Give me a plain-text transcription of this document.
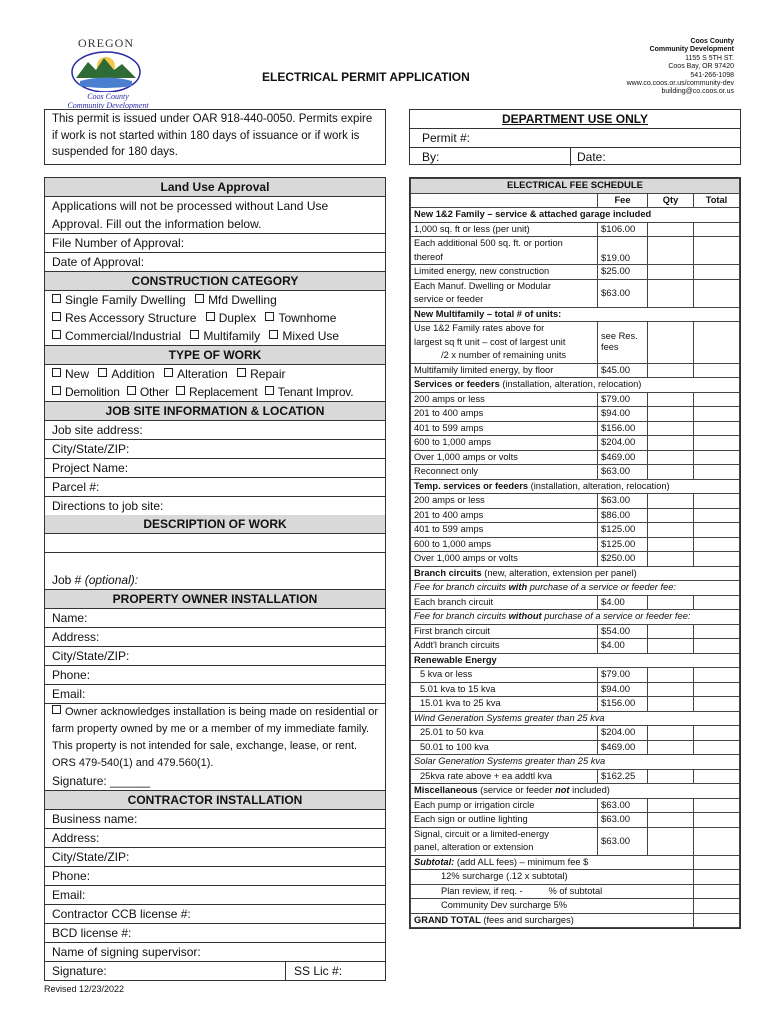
OREGON
Coos County
Community Development
ELECTRICAL PERMIT APPLICATION
Coos County
Community Development
1155 S 5TH ST.
Coos Bay, OR 97420
541-266-1098
www.co.coos.or.us/community-dev
building@co.coos.or.us
This permit is issued under OAR 918-440-0050. Permits expire if work is not started within 180 days of issuance or if work is suspended for 180 days.
DEPARTMENT USE ONLY
Permit #:
By:	Date:
Land Use Approval
Applications will not be processed without Land Use
Approval. Fill out the information below.
File Number of Approval:
Date of Approval:
CONSTRUCTION CATEGORY
Single Family Dwelling Mfd Dwelling
Res Accessory Structure Duplex Townhome
Commercial/Industrial Multifamily Mixed Use
TYPE OF WORK
New Addition Alteration Repair
Demolition Other Replacement Tenant Improv.
JOB SITE INFORMATION & LOCATION
Job site address:
City/State/ZIP:
Project Name:
Parcel #:
Directions to job site:
DESCRIPTION OF WORK
Job # (optional):
PROPERTY OWNER INSTALLATION
Name:
Address:
City/State/ZIP:
Phone:
Email:
Owner acknowledges installation is being made on residential or farm property owned by me or a member of my immediate family. This property is not intended for sale, exchange, lease, or rent. ORS 479-540(1) and 479.560(1).
Signature: ______
CONTRACTOR INSTALLATION
Business name:
Address:
City/State/ZIP:
Phone:
Email:
Contractor CCB license #:
BCD license #:
Name of signing supervisor:
Signature:	SS Lic #:
ELECTRICAL FEE SCHEDULE			
	Fee	Qty	Total
New 1&2 Family – service & attached garage included			
1,000 sq. ft or less (per unit)	$106.00		
Each additional 500 sq. ft. or portion	$19.00		
thereof			
Limited energy, new construction	$25.00		
Each Manuf. Dwelling or Modular	$63.00		
service or feeder			
New Multifamily – total # of units:			
Use 1&2 Family rates above for	see Res. fees		
largest sq ft unit – cost of largest unit			
/2 x number of remaining units			
Multifamily limited energy, by floor	$45.00		
Services or feeders (installation, alteration, relocation)			
200 amps or less	$79.00		
201 to 400 amps	$94.00		
401 to 599 amps	$156.00		
600 to 1,000 amps	$204.00		
Over 1,000 amps or volts	$469.00		
Reconnect only	$63.00		
Temp. services or feeders (installation, alteration, relocation)			
200 amps or less	$63.00		
201 to 400 amps	$86.00		
401 to 599 amps	$125.00		
600 to 1,000 amps	$125.00		
Over 1,000 amps or volts	$250.00		
Branch circuits (new, alteration, extension per panel)			
Fee for branch circuits with purchase of a service or feeder fee:			
Each branch circuit	$4.00		
Fee for branch circuits without purchase of a service or feeder fee:			
First branch circuit	$54.00		
Addt'l branch circuits	$4.00		
Renewable Energy			
5 kva or less	$79.00		
5.01 kva to 15 kva	$94.00		
15.01 kva to 25 kva	$156.00		
Wind Generation Systems greater than 25 kva			
25.01 to 50 kva	$204.00		
50.01 to 100 kva	$469.00		
Solar Generation Systems greater than 25 kva			
25kva rate above + ea addtl kva	$162.25		
Miscellaneous (service or feeder not included)			
Each pump or irrigation circle	$63.00		
Each sign or outline lighting	$63.00		
Signal, circuit or a limited-energy	$63.00		
panel, alteration or extension			
Subtotal: (add ALL fees) – minimum fee $			
12% surcharge (.12 x subtotal)			
Plan review, if req. -          % of subtotal			
Community Dev surcharge 5%			
GRAND TOTAL (fees and surcharges)			
Revised 12/23/2022
